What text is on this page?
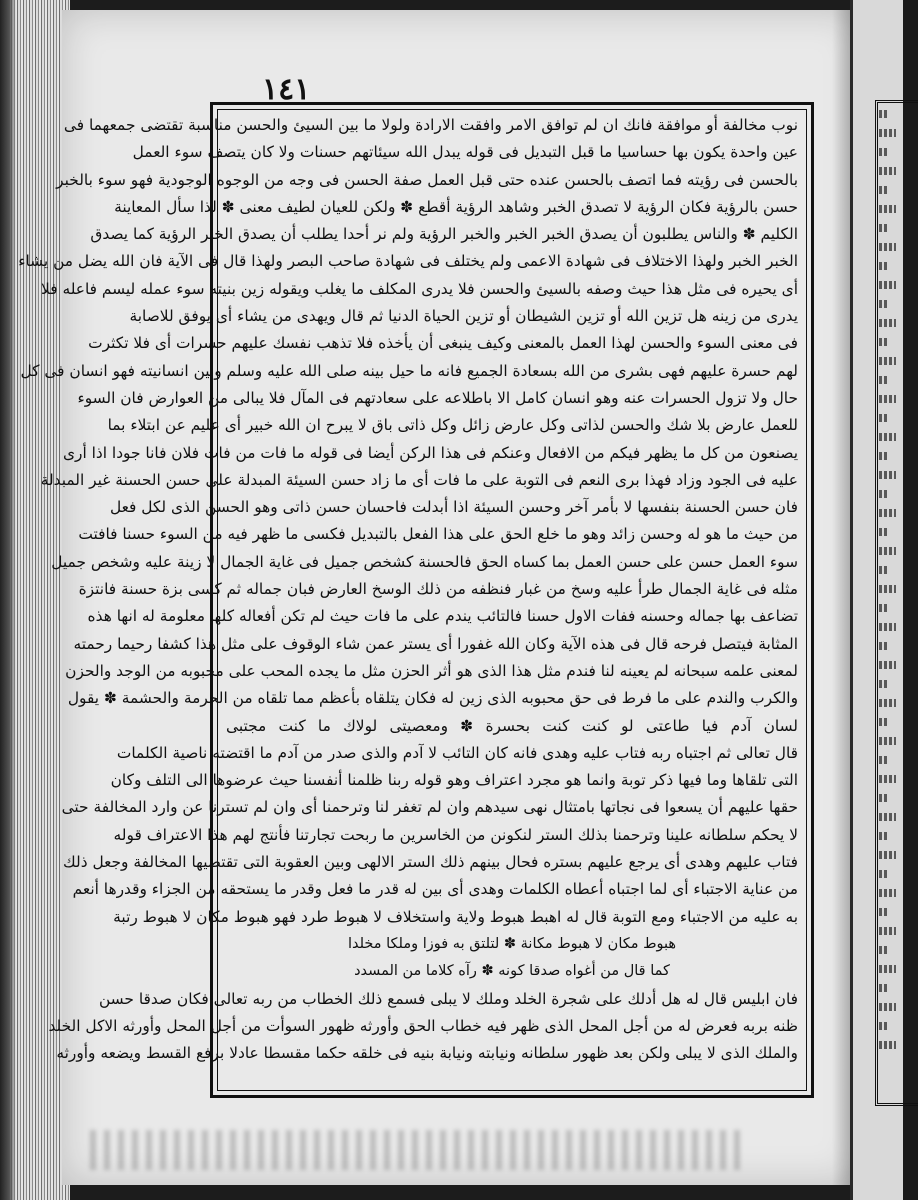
١٤١
نوب مخالفة أو موافقة فانك ان لم توافق الامر وافقت الارادة ولولا ما بين السيئ والحسن مناسبة تقتضى جمعهما فى
عين واحدة يكون بها حساسيا ما قبل التبديل فى قوله يبدل الله سيئاتهم حسنات ولا كان يتصف سوء العمل
بالحسن فى رؤيته فما اتصف بالحسن عنده حتى قبل العمل صفة الحسن فى وجه من الوجوه الوجودية فهو سوء بالخبر
حسن بالرؤية فكان الرؤية لا تصدق الخبر وشاهد الرؤية أقطع ✽ ولكن للعيان لطيف معنى ✽ لذا سأل المعاينة
الكليم ✽ والناس يطلبون أن يصدق الخبر الخبر والخبر الرؤية ولم نر أحدا يطلب أن يصدق الخبر الرؤية كما يصدق
الخبر الخبر ولهذا الاختلاف فى شهادة الاعمى ولم يختلف فى شهادة صاحب البصر ولهذا قال فى الآية فان الله يضل من يشاء
أى يحيره فى مثل هذا حيث وصفه بالسيئ والحسن فلا يدرى المكلف ما يغلب ويقوله زين بنيته سوء عمله ليسم فاعله فلا
يدرى من زينه هل تزين الله أو تزين الشيطان أو تزين الحياة الدنيا ثم قال ويهدى من يشاء أى يوفق للاصابة
فى معنى السوء والحسن لهذا العمل بالمعنى وكيف ينبغى أن يأخذه فلا تذهب نفسك عليهم حسرات أى فلا تكثرت
لهم حسرة عليهم فهى بشرى من الله بسعادة الجميع فانه ما حيل بينه صلى الله عليه وسلم وبين انسانيته فهو انسان فى كل
حال ولا تزول الحسرات عنه وهو انسان كامل الا باطلاعه على سعادتهم فى المآل فلا يبالى من العوارض فان السوء
للعمل عارض بلا شك والحسن لذاتى وكل عارض زائل وكل ذاتى باق لا يبرح ان الله خبير أى عليم عن ابتلاء بما
يصنعون من كل ما يظهر فيكم من الافعال وعنكم فى هذا الركن أيضا فى قوله ما فات من فات فلان فانا جودا اذا أرى
عليه فى الجود وزاد فهذا برى النعم فى التوبة على ما فات أى ما زاد حسن السيئة المبدلة على حسن الحسنة غير المبدلة
فان حسن الحسنة بنفسها لا بأمر آخر وحسن السيئة اذا أبدلت فاحسان حسن ذاتى وهو الحسن الذى لكل فعل
من حيث ما هو له وحسن زائد وهو ما خلع الحق على هذا الفعل بالتبديل فكسى ما ظهر فيه من السوء حسنا فافتت
سوء العمل حسن على حسن العمل بما كساه الحق فالحسنة كشخص جميل فى غاية الجمال لا زينة عليه وشخص جميل
مثله فى غاية الجمال طرأ عليه وسخ من غبار فنظفه من ذلك الوسخ العارض فبان جماله ثم كسى بزة حسنة فانتزة
تضاعف بها جماله وحسنه ففات الاول حسنا فالتائب يندم على ما فات حيث لم تكن أفعاله كلها معلومة له انها هذه
المثابة فيتصل فرحه قال فى هذه الآية وكان الله غفورا أى يستر عمن شاء الوقوف على مثل هذا كشفا رحيما رحمته
لمعنى علمه سبحانه لم يعينه لنا فندم مثل هذا الذى هو أثر الحزن مثل ما يجده المحب على محبوبه من الوجد والحزن
والكرب والندم على ما فرط فى حق محبوبه الذى زين له فكان يتلقاه بأعظم مما تلقاه من الحرمة والحشمة ✽ يقول
لسان آدم فيا طاعتى لو كنت كنت بحسرة ✽ ومعصيتى لولاك ما كنت مجتبى
قال تعالى ثم اجتباه ربه فتاب عليه وهدى فانه كان التائب لا آدم والذى صدر من آدم ما اقتضته ناصية الكلمات
التى تلقاها وما فيها ذكر توبة وانما هو مجرد اعتراف وهو قوله ربنا ظلمنا أنفسنا حيث عرضوها الى التلف وكان
حقها عليهم أن يسعوا فى نجاتها بامتثال نهى سيدهم وان لم تغفر لنا وترحمنا أى وان لم تسترنا عن وارد المخالفة حتى
لا يحكم سلطانه علينا وترحمنا بذلك الستر لنكونن من الخاسرين ما ربحت تجارتنا فأنتج لهم هذا الاعتراف قوله
فتاب عليهم وهدى أى يرجع عليهم بستره فحال بينهم ذلك الستر الالهى وبين العقوبة التى تقتضيها المخالفة وجعل ذلك
من عناية الاجتباء أى لما اجتباه أعطاه الكلمات وهدى أى بين له قدر ما فعل وقدر ما يستحقه من الجزاء وقدرها أنعم
به عليه من الاجتباء ومع التوبة قال له اهبط هبوط ولاية واستخلاف لا هبوط طرد فهو هبوط مكان لا هبوط رتبة
هبوط مكان لا هبوط مكانة ✽ لتلتق به فوزا وملكا مخلدا
كما قال من أغواه صدقا كونه ✽ رآه كلاما من المسدد
فان ابليس قال له هل أدلك على شجرة الخلد وملك لا يبلى فسمع ذلك الخطاب من ربه تعالى فكان صدقا حسن
ظنه بربه فعرض له من أجل المحل الذى ظهر فيه خطاب الحق وأورثه ظهور السوأت من أجل المحل وأورثه الاكل الخلد
والملك الذى لا يبلى ولكن بعد ظهور سلطانه ونيابته ونيابة بنيه فى خلقه حكما مقسطا عادلا برفع القسط ويضعه وأورثه
